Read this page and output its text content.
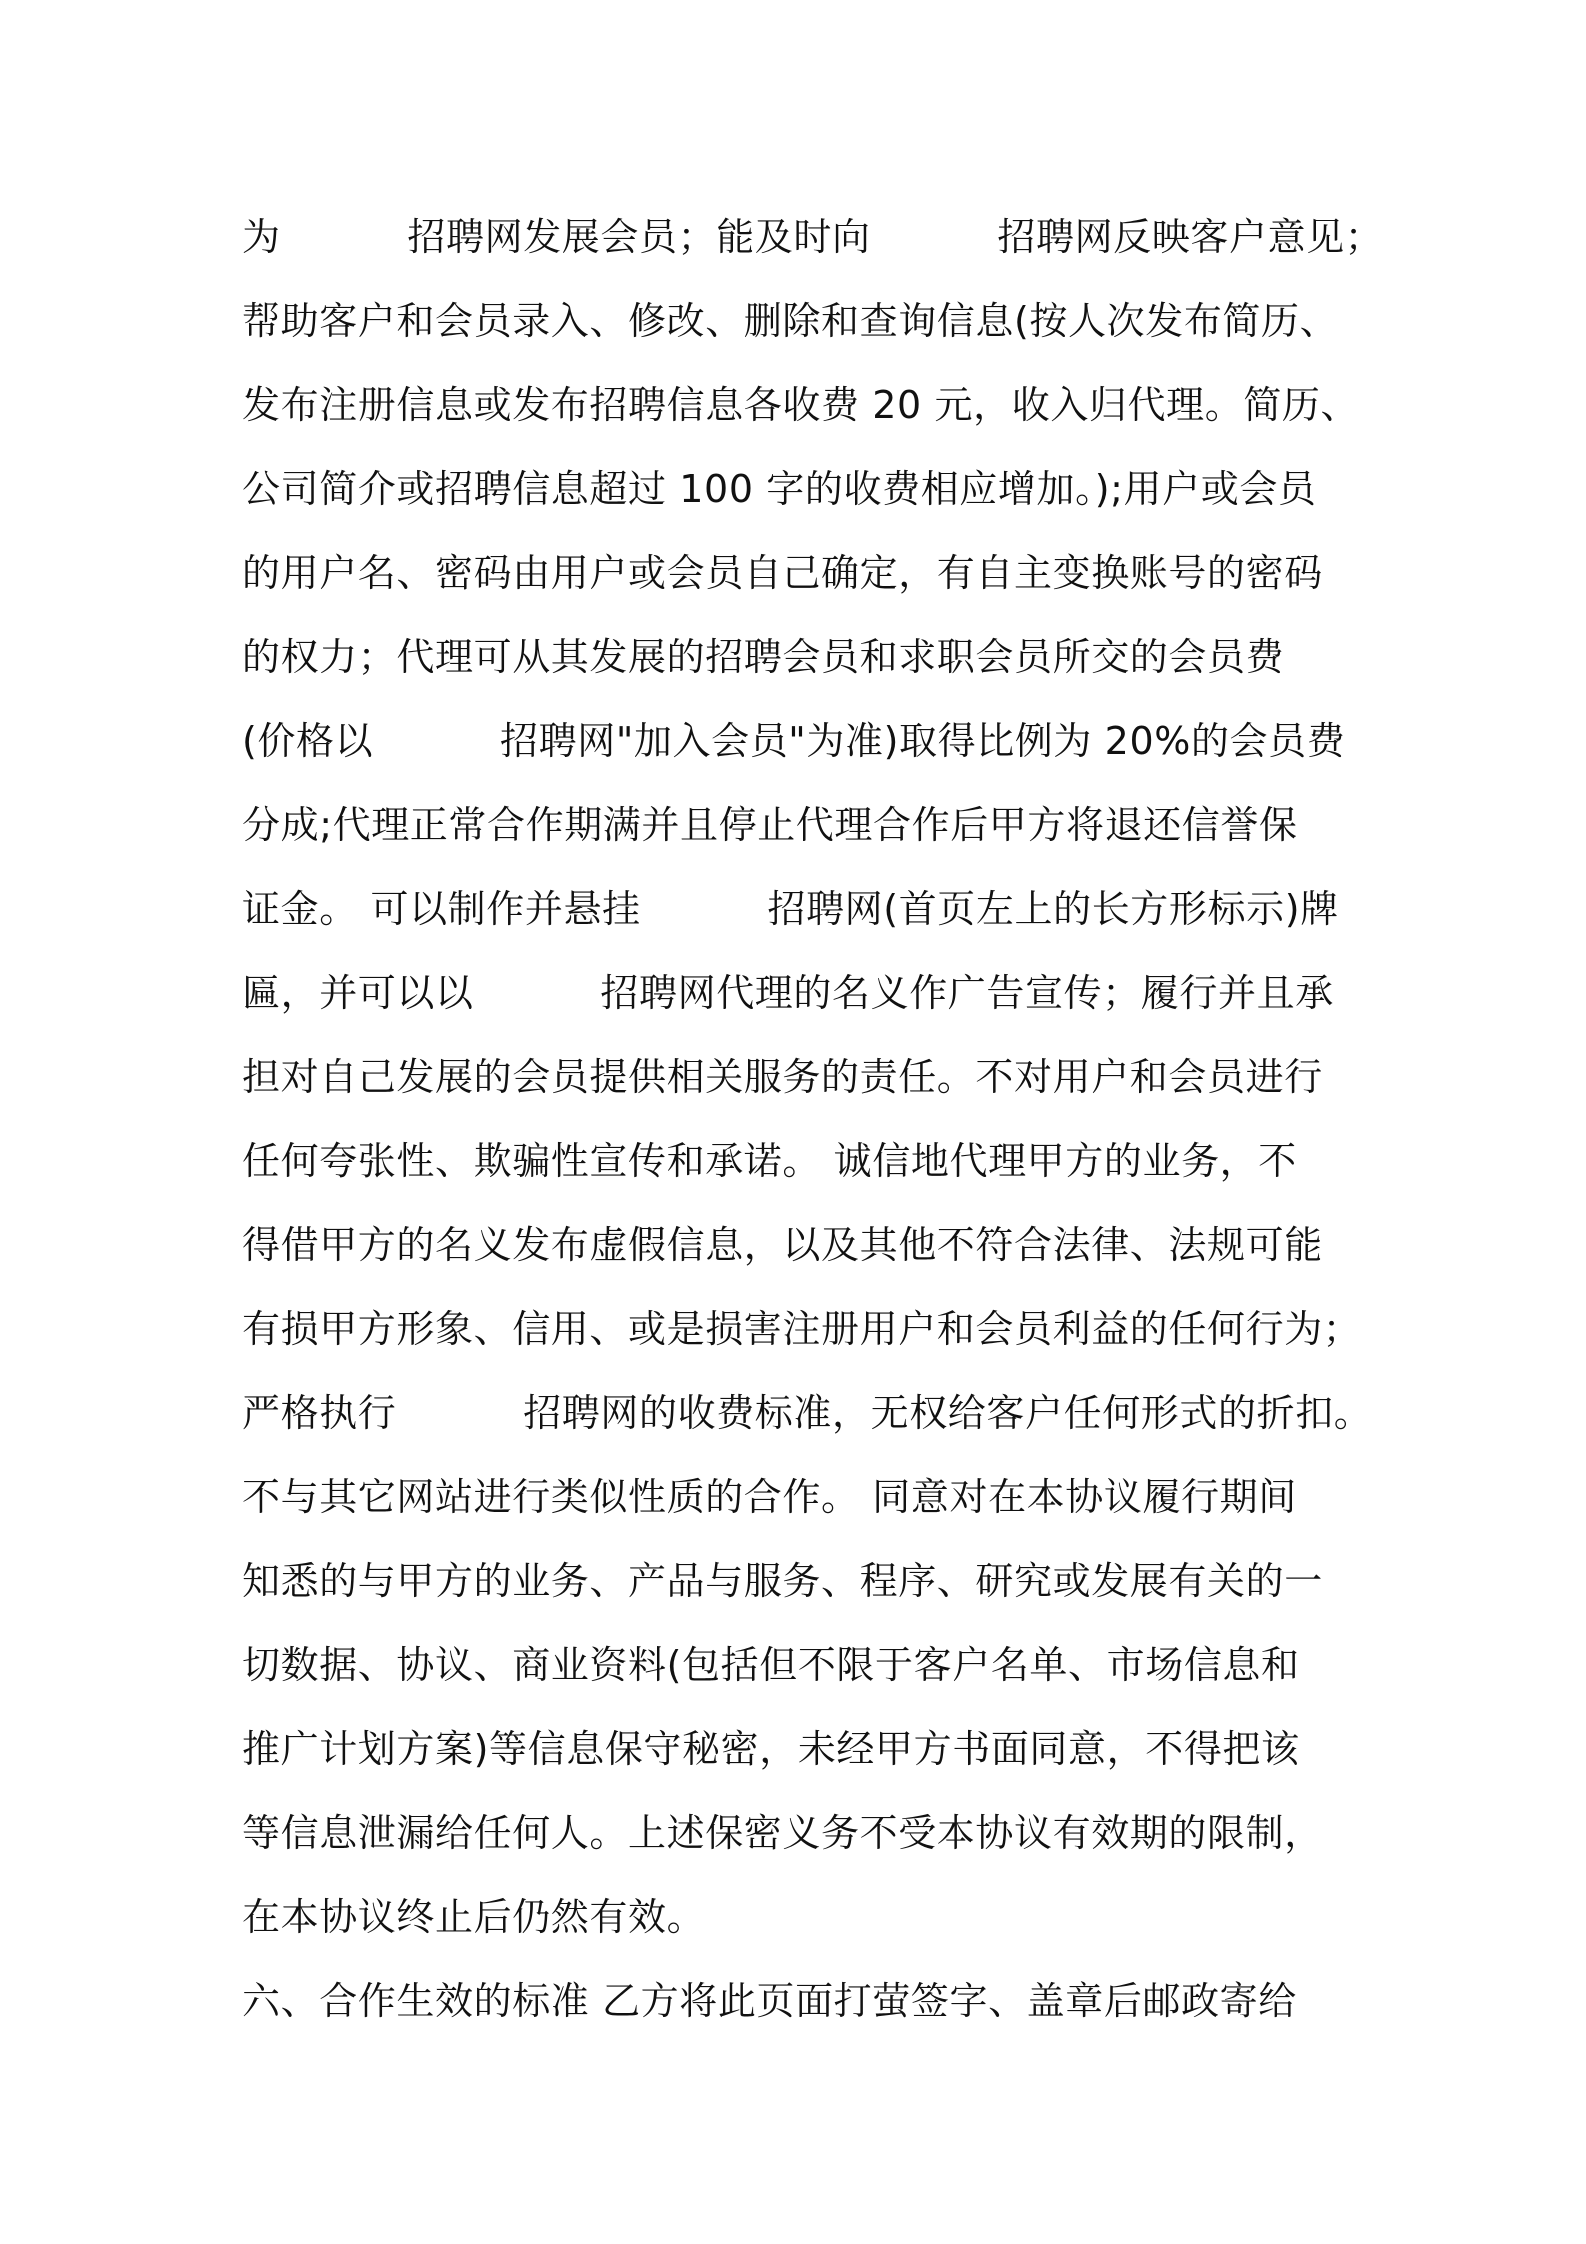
为          招聘网发展会员；能及时向          招聘网反映客户意见；
帮助客户和会员录入、修改、删除和查询信息(按人次发布简历、
发布注册信息或发布招聘信息各收费 20 元，收入归代理。简历、
公司简介或招聘信息超过 100 字的收费相应增加。);用户或会员
的用户名、密码由用户或会员自己确定，有自主变换账号的密码
的权力；代理可从其发展的招聘会员和求职会员所交的会员费
(价格以          招聘网"加入会员"为准)取得比例为 20%的会员费
分成;代理正常合作期满并且停止代理合作后甲方将退还信誉保
证金。 可以制作并悬挂          招聘网(首页左上的长方形标示)牌
匾，并可以以          招聘网代理的名义作广告宣传；履行并且承
担对自己发展的会员提供相关服务的责任。不对用户和会员进行
任何夸张性、欺骗性宣传和承诺。 诚信地代理甲方的业务，不
得借甲方的名义发布虚假信息，以及其他不符合法律、法规可能
有损甲方形象、信用、或是损害注册用户和会员利益的任何行为；
严格执行          招聘网的收费标准，无权给客户任何形式的折扣。
不与其它网站进行类似性质的合作。 同意对在本协议履行期间
知悉的与甲方的业务、产品与服务、程序、研究或发展有关的一
切数据、协议、商业资料(包括但不限于客户名单、市场信息和
推广计划方案)等信息保守秘密，未经甲方书面同意，不得把该
等信息泄漏给任何人。上述保密义务不受本协议有效期的限制，
在本协议终止后仍然有效。
六、合作生效的标准 乙方将此页面打萤签字、盖章后邮政寄给
